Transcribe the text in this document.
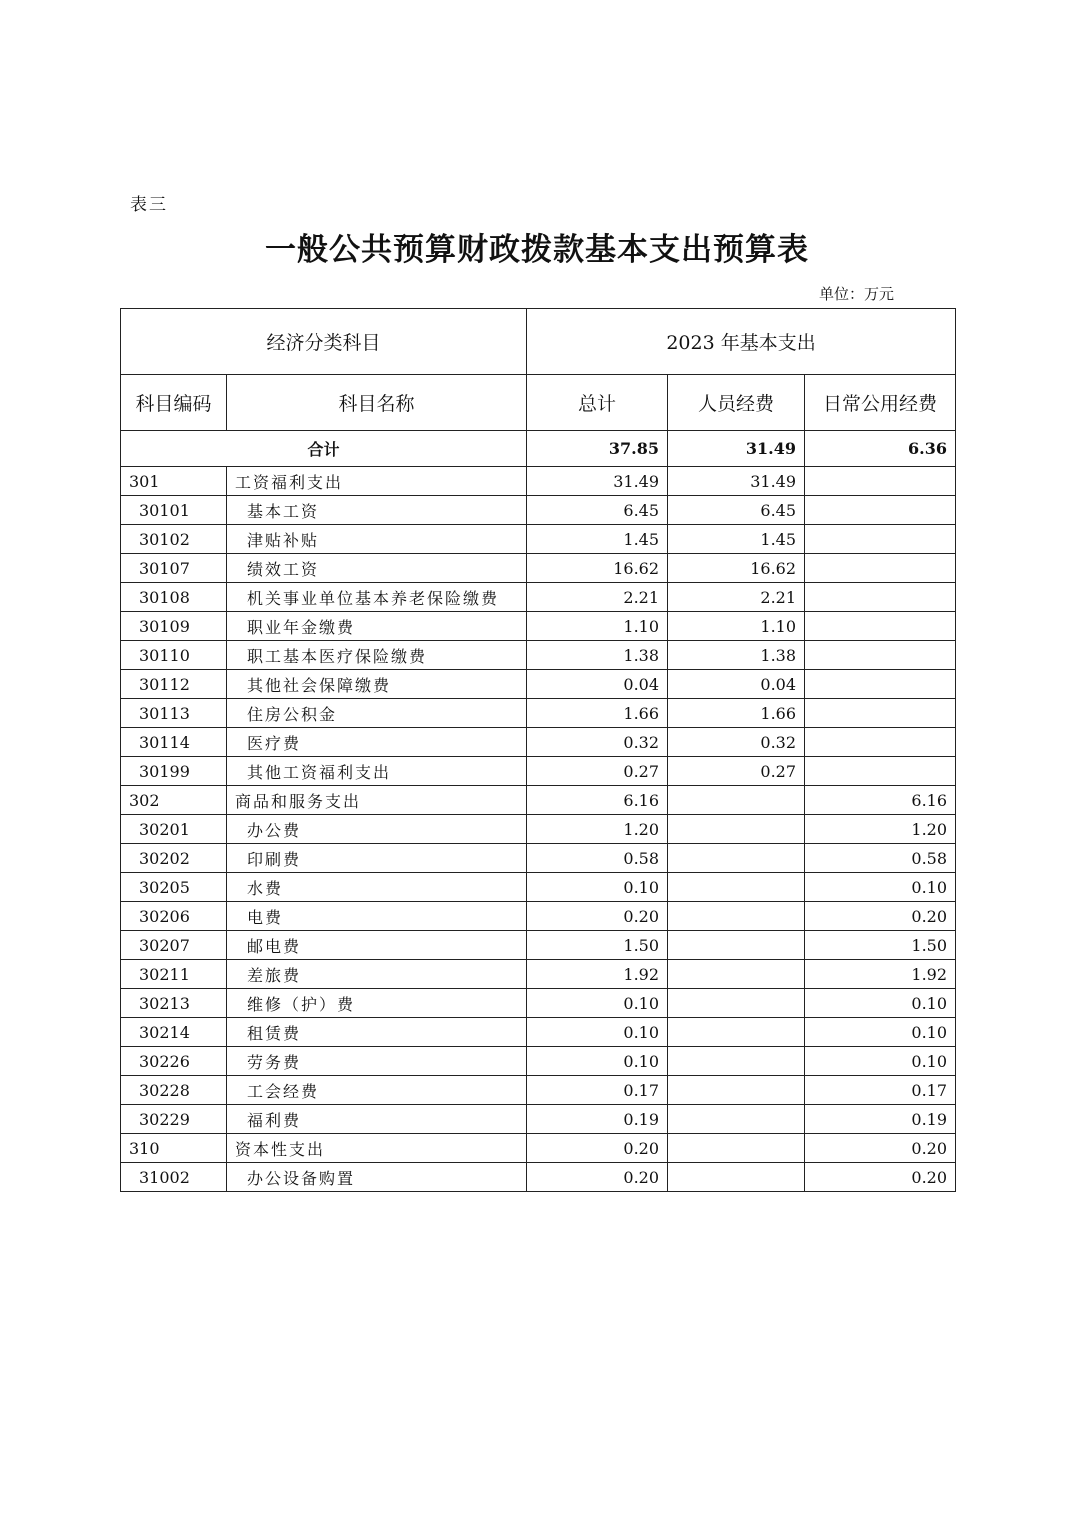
表三
一般公共预算财政拨款基本支出预算表
单位：万元
经济分类科目		2023 年基本支出		
科目编码	科目名称	总计	人员经费	日常公用经费
合计		37.85	31.49	6.36
301	工资福利支出	31.49	31.49	
30101	基本工资	6.45	6.45	
30102	津贴补贴	1.45	1.45	
30107	绩效工资	16.62	16.62	
30108	机关事业单位基本养老保险缴费	2.21	2.21	
30109	职业年金缴费	1.10	1.10	
30110	职工基本医疗保险缴费	1.38	1.38	
30112	其他社会保障缴费	0.04	0.04	
30113	住房公积金	1.66	1.66	
30114	医疗费	0.32	0.32	
30199	其他工资福利支出	0.27	0.27	
302	商品和服务支出	6.16		6.16
30201	办公费	1.20		1.20
30202	印刷费	0.58		0.58
30205	水费	0.10		0.10
30206	电费	0.20		0.20
30207	邮电费	1.50		1.50
30211	差旅费	1.92		1.92
30213	维修（护）费	0.10		0.10
30214	租赁费	0.10		0.10
30226	劳务费	0.10		0.10
30228	工会经费	0.17		0.17
30229	福利费	0.19		0.19
310	资本性支出	0.20		0.20
31002	办公设备购置	0.20		0.20
